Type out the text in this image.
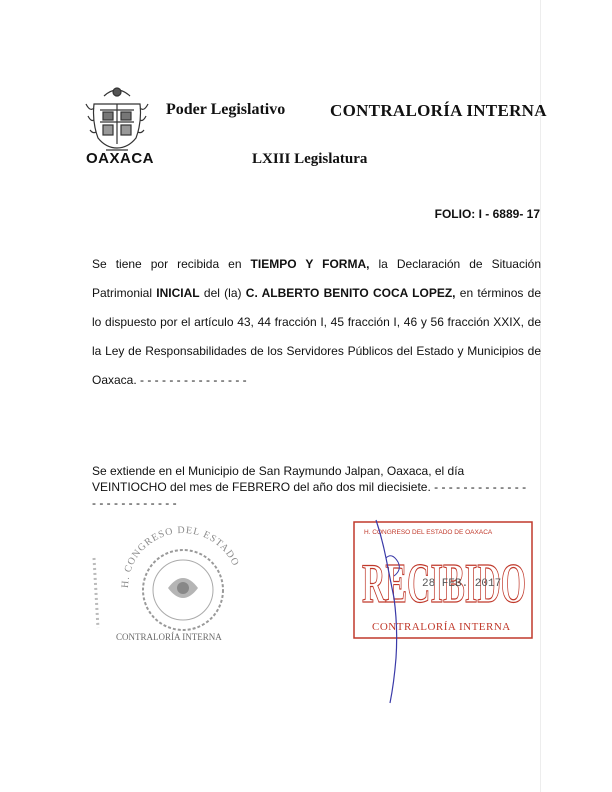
OAXACA
Poder Legislativo	CONTRALORÍA INTERNA
LXIII Legislatura
FOLIO: I - 6889- 17
Se tiene por recibida en TIEMPO Y FORMA, la Declaración de Situación Patrimonial INICIAL del (la) C. ALBERTO BENITO COCA LOPEZ, en términos de lo dispuesto por el artículo 43, 44 fracción I, 45 fracción I, 46 y 56 fracción XXIX, de la Ley de Responsabilidades de los Servidores Públicos del Estado y Municipios de Oaxaca. - - - - - - - - - - - - - - -
Se extiende en el Municipio de San Raymundo Jalpan, Oaxaca, el día VEINTIOCHO del mes de FEBRERO del año dos mil diecisiete. - - - - - - - - - - - - - - - - - - - - - - - - -
H. CONGRESO DEL ESTADO
CONTRALORÍA INTERNA
H. CONGRESO DEL ESTADO DE OAXACA
RECIBIDO
28 FEB. 2017
CONTRALORÍA INTERNA
